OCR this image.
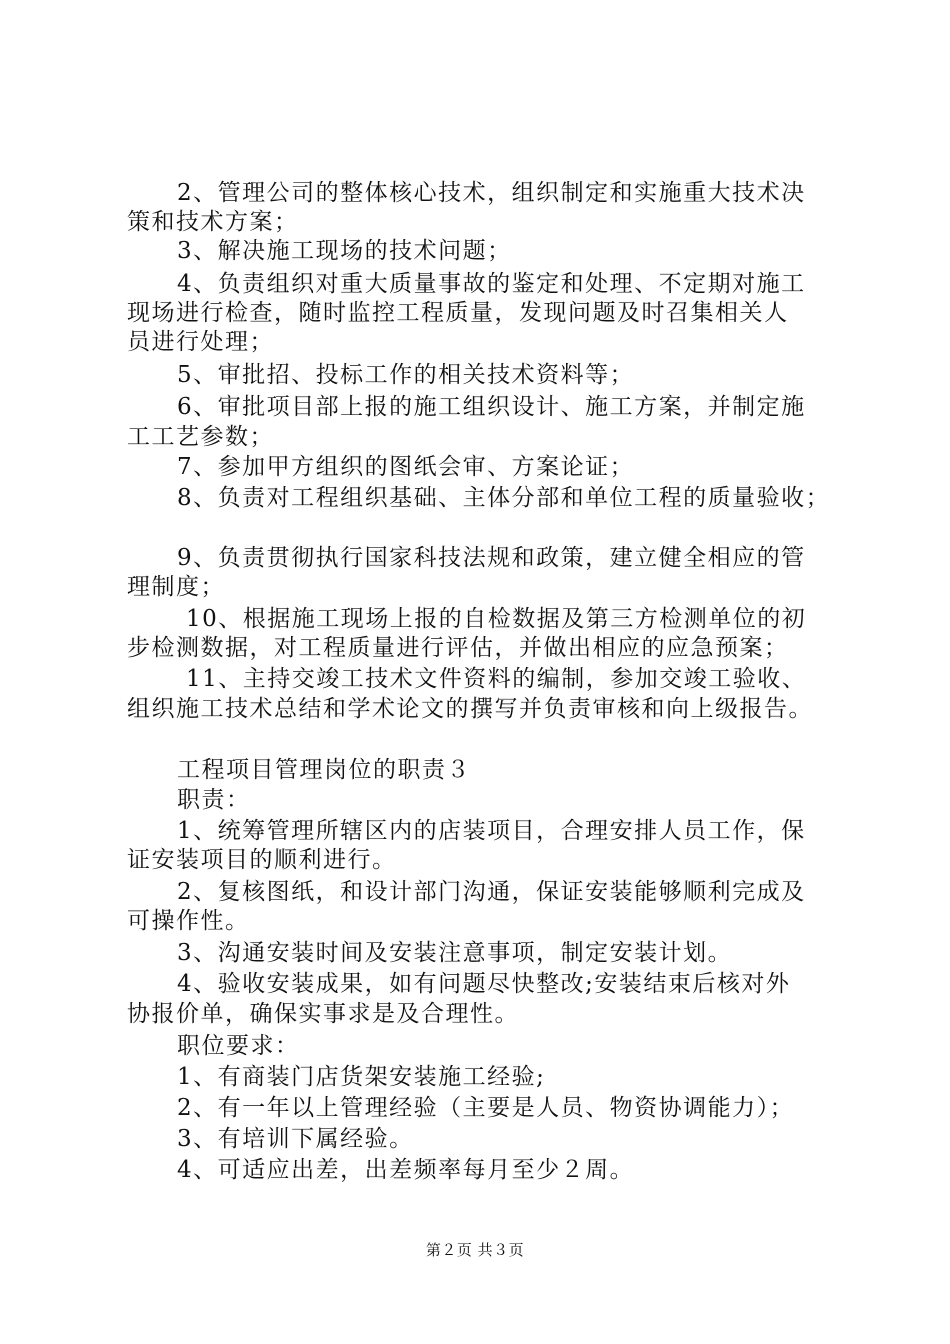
2、管理公司的整体核心技术，组织制定和实施重大技术决
策和技术方案；
3、解决施工现场的技术问题；
4、负责组织对重大质量事故的鉴定和处理、不定期对施工
现场进行检查，随时监控工程质量，发现问题及时召集相关人
员进行处理；
5、审批招、投标工作的相关技术资料等；
6、审批项目部上报的施工组织设计、施工方案，并制定施
工工艺参数；
7、参加甲方组织的图纸会审、方案论证；
8、负责对工程组织基础、主体分部和单位工程的质量验收；
9、负责贯彻执行国家科技法规和政策，建立健全相应的管
理制度；
10、根据施工现场上报的自检数据及第三方检测单位的初
步检测数据，对工程质量进行评估，并做出相应的应急预案；
11、主持交竣工技术文件资料的编制，参加交竣工验收、
组织施工技术总结和学术论文的撰写并负责审核和向上级报告。
工程项目管理岗位的职责３
职责：
1、统筹管理所辖区内的店装项目，合理安排人员工作，保
证安装项目的顺利进行。
2、复核图纸，和设计部门沟通，保证安装能够顺利完成及
可操作性。
3、沟通安装时间及安装注意事项，制定安装计划。
4、验收安装成果，如有问题尽快整改;安装结束后核对外
协报价单，确保实事求是及合理性。
职位要求：
1、有商装门店货架安装施工经验;
2、有一年以上管理经验（主要是人员、物资协调能力）；
3、有培训下属经验。
4、可适应出差，出差频率每月至少２周。
第２页 共３页
